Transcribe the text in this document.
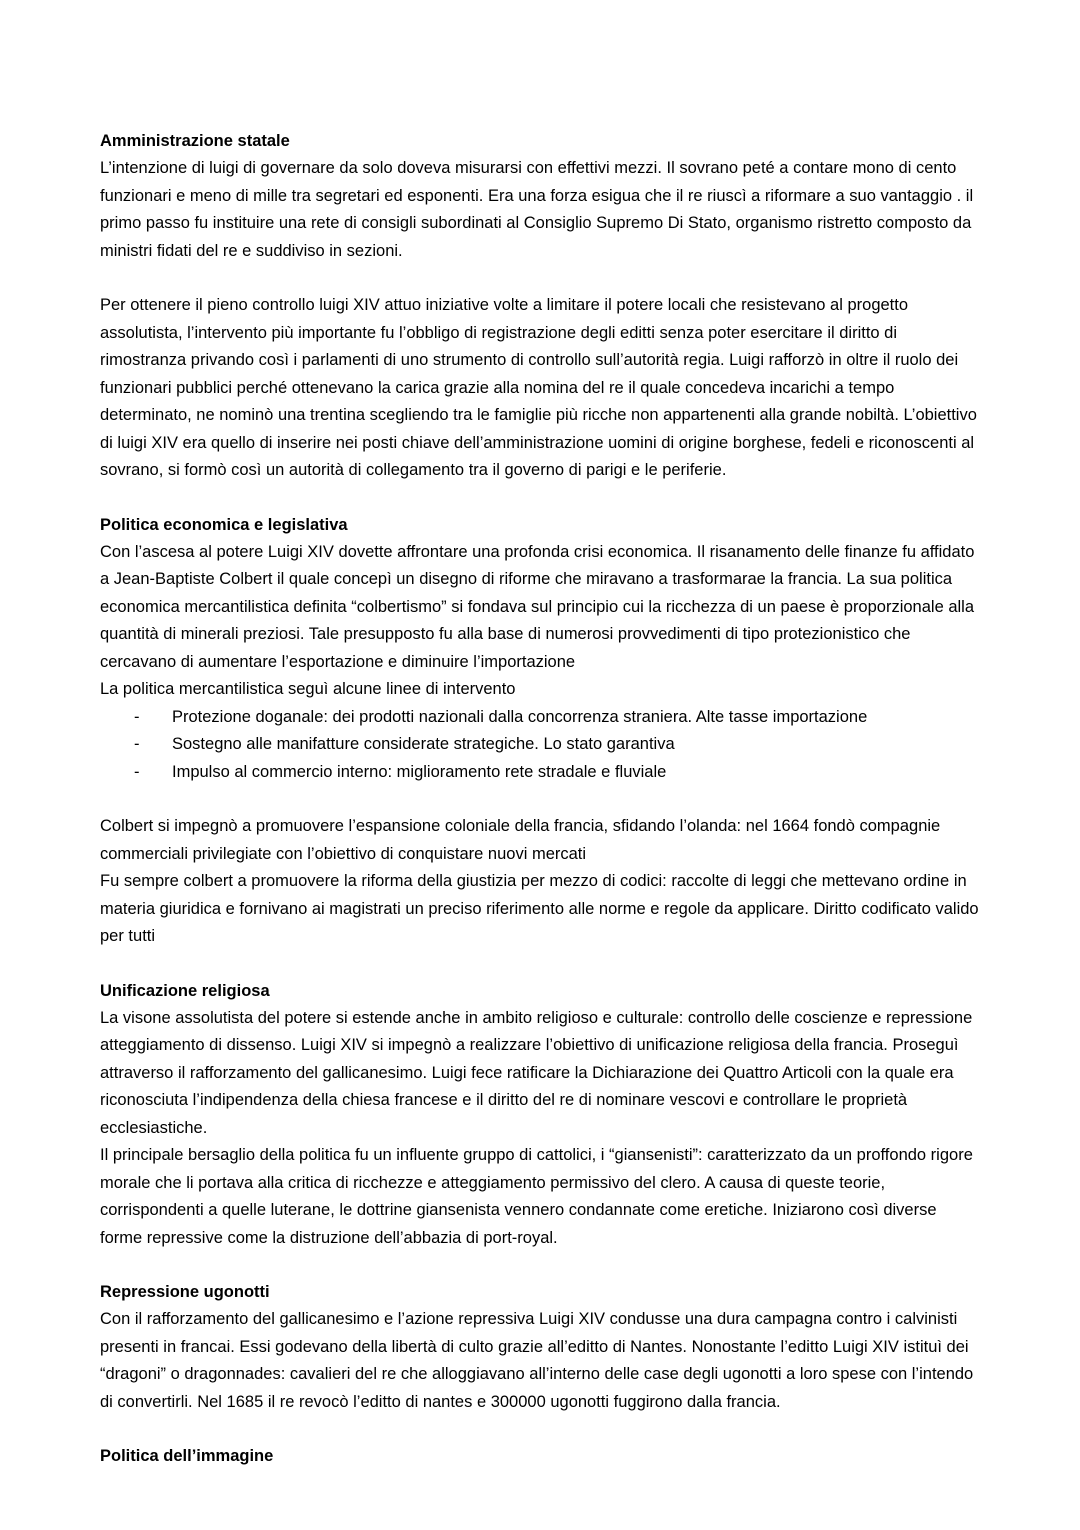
Amministrazione statale

L’intenzione di luigi di governare da solo doveva misurarsi con effettivi mezzi. Il sovrano peté a contare mono di cento funzionari e meno di mille tra segretari ed esponenti. Era una forza esigua che il re riuscì a riformare a suo vantaggio . il primo passo fu instituire una rete di consigli subordinati al Consiglio Supremo Di Stato, organismo ristretto composto da ministri fidati del re e suddiviso in sezioni.

Per ottenere il pieno controllo luigi XIV attuo iniziative volte a limitare il potere locali che resistevano al progetto assolutista, l’intervento più importante fu l’obbligo di registrazione degli editti senza poter esercitare il diritto di rimostranza privando così i parlamenti di uno strumento di controllo sull’autorità regia. Luigi rafforzò in oltre il ruolo dei funzionari pubblici perché ottenevano la carica grazie alla nomina del re il quale concedeva incarichi a tempo determinato, ne nominò una trentina scegliendo tra le famiglie più ricche non appartenenti alla grande nobiltà. L’obiettivo di luigi XIV era quello di inserire nei posti chiave dell’amministrazione uomini di origine borghese, fedeli e riconoscenti al sovrano, si formò così un autorità di collegamento tra il governo di parigi e le periferie.

Politica economica e legislativa

Con l’ascesa al potere Luigi XIV dovette affrontare una profonda crisi economica. Il risanamento delle finanze fu affidato a Jean-Baptiste Colbert il quale concepì un disegno di riforme che miravano a trasformarae la francia. La sua politica economica mercantilistica definita “colbertismo” si fondava sul principio cui la ricchezza di un paese è proporzionale alla quantità di minerali preziosi. Tale presupposto fu alla base di numerosi provvedimenti di tipo protezionistico che cercavano di aumentare l’esportazione e diminuire l’importazione

La politica mercantilistica seguì alcune linee di intervento

- Protezione doganale: dei prodotti nazionali dalla concorrenza straniera. Alte tasse importazione
- Sostegno alle manifatture considerate strategiche. Lo stato garantiva
- Impulso al commercio interno: miglioramento rete stradale e fluviale

Colbert si impegnò a promuovere l’espansione coloniale della francia, sfidando l’olanda: nel 1664 fondò compagnie commerciali privilegiate con l’obiettivo di conquistare nuovi mercati

Fu sempre colbert a promuovere la riforma della giustizia per mezzo di codici: raccolte di leggi che mettevano ordine in materia giuridica e fornivano ai magistrati un preciso riferimento alle norme e regole da applicare. Diritto codificato valido per tutti

Unificazione religiosa

La visone assolutista del potere si estende anche in ambito religioso e culturale: controllo delle coscienze e repressione atteggiamento di dissenso. Luigi XIV si impegnò a realizzare l’obiettivo di unificazione religiosa della francia. Proseguì attraverso il rafforzamento del gallicanesimo. Luigi fece ratificare la Dichiarazione dei Quattro Articoli con la quale era riconosciuta l’indipendenza della chiesa francese e il diritto del re di nominare vescovi e controllare le proprietà ecclesiastiche.

Il principale bersaglio della politica fu un influente gruppo di cattolici, i “giansenisti”: caratterizzato da un proffondo rigore morale che li portava alla critica di ricchezze e atteggiamento permissivo del clero. A causa di queste teorie, corrispondenti a quelle luterane, le dottrine giansenista vennero condannate come eretiche. Iniziarono così diverse forme repressive come la distruzione dell’abbazia di port-royal.

Repressione ugonotti

Con il rafforzamento del gallicanesimo e l’azione repressiva Luigi XIV condusse una dura campagna contro i calvinisti presenti in francai. Essi godevano della libertà di culto grazie all’editto di Nantes. Nonostante l’editto Luigi XIV istituì dei “dragoni” o dragonnades: cavalieri del re che alloggiavano all’interno delle case degli ugonotti a loro spese con l’intendo di convertirli. Nel 1685 il re revocò l’editto di nantes e 300000 ugonotti fuggirono dalla francia.

Politica dell’immagine
